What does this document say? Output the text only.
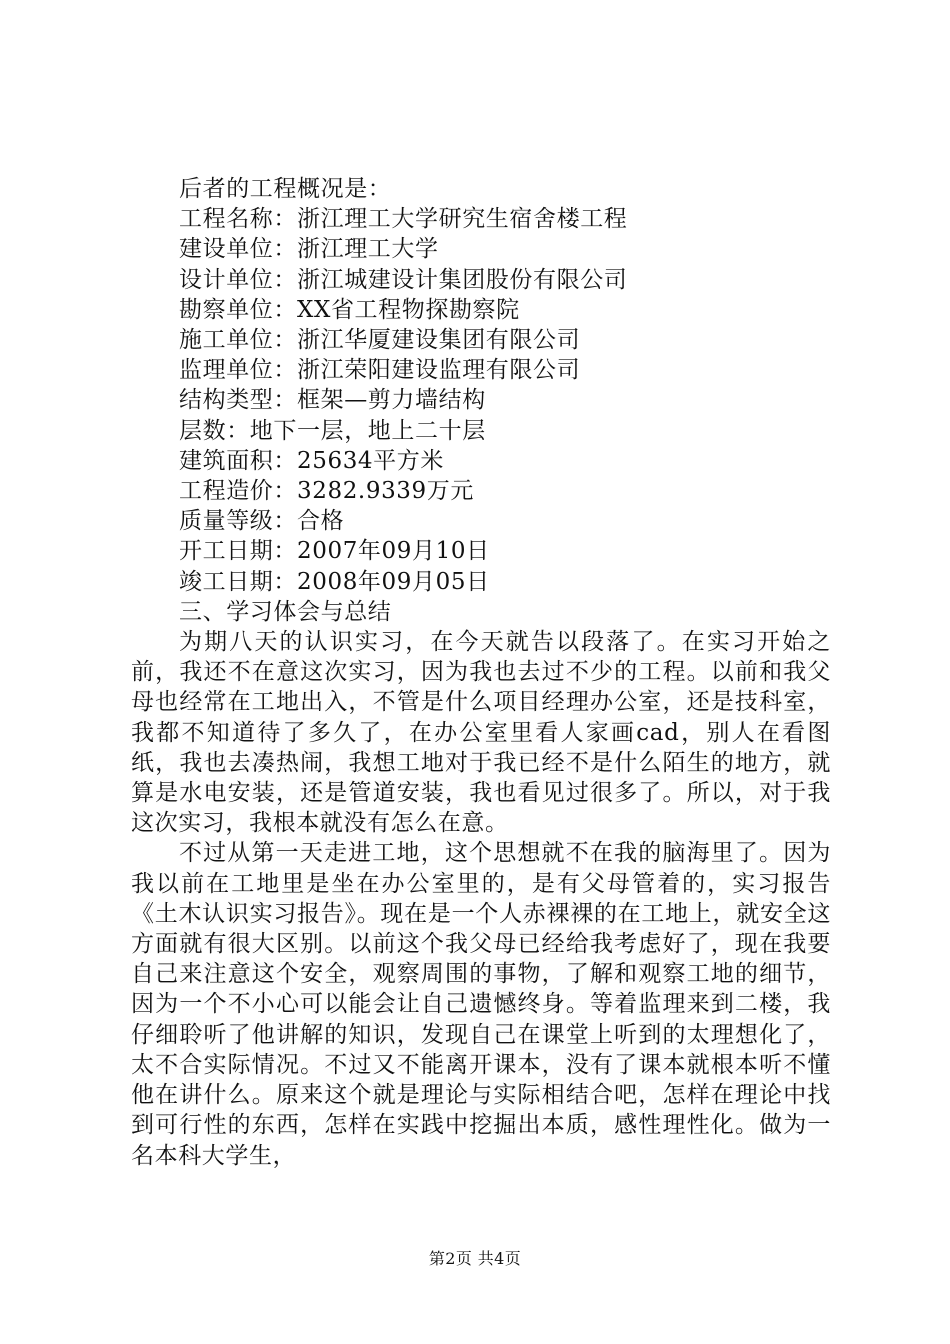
后者的工程概况是：

工程名称：浙江理工大学研究生宿舍楼工程

建设单位：浙江理工大学

设计单位：浙江城建设计集团股份有限公司

勘察单位：XX省工程物探勘察院

施工单位：浙江华厦建设集团有限公司

监理单位：浙江荣阳建设监理有限公司

结构类型：框架—剪力墙结构

层数：地下一层，地上二十层

建筑面积：25634平方米

工程造价：3282.9339万元

质量等级：合格

开工日期：2007年09月10日

竣工日期：2008年09月05日

三、学习体会与总结

为期八天的认识实习，在今天就告以段落了。在实习开始之前，我还不在意这次实习，因为我也去过不少的工程。以前和我父母也经常在工地出入，不管是什么项目经理办公室，还是技科室，我都不知道待了多久了，在办公室里看人家画cad，别人在看图纸，我也去凑热闹，我想工地对于我已经不是什么陌生的地方，就算是水电安装，还是管道安装，我也看见过很多了。所以，对于我这次实习，我根本就没有怎么在意。

不过从第一天走进工地，这个思想就不在我的脑海里了。因为我以前在工地里是坐在办公室里的，是有父母管着的，实习报告《土木认识实习报告》。现在是一个人赤裸裸的在工地上，就安全这方面就有很大区别。以前这个我父母已经给我考虑好了，现在我要自己来注意这个安全，观察周围的事物，了解和观察工地的细节，因为一个不小心可以能会让自己遗憾终身。等着监理来到二楼，我仔细聆听了他讲解的知识，发现自己在课堂上听到的太理想化了，太不合实际情况。不过又不能离开课本，没有了课本就根本听不懂他在讲什么。原来这个就是理论与实际相结合吧，怎样在理论中找到可行性的东西，怎样在实践中挖掘出本质，感性理性化。做为一名本科大学生，

第2页 共4页
